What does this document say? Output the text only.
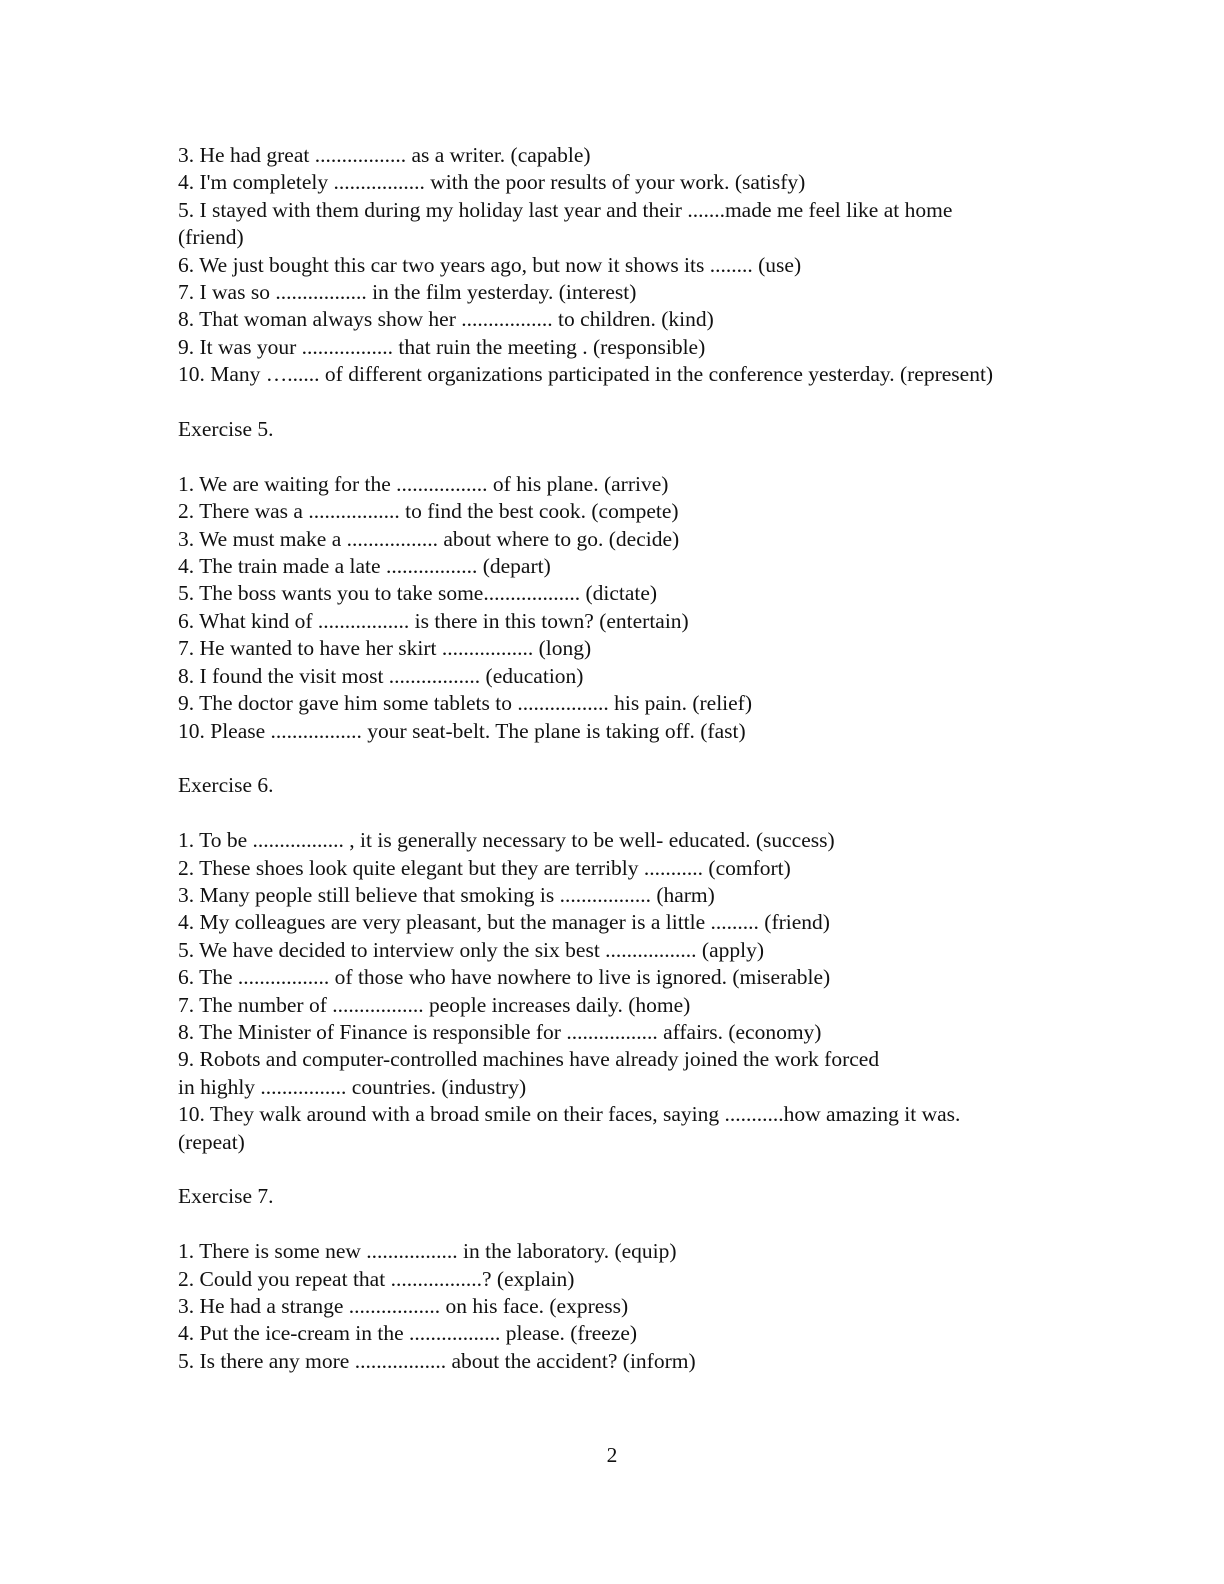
3. He had great ................. as a writer. (capable)

4. I'm completely ................. with the poor results of your work. (satisfy)

5. I stayed with them during my holiday last year and their .......made me feel like at home (friend)

6. We just bought this car two years ago, but now it shows its ........ (use)

7. I was so ................. in the film yesterday. (interest)

8. That woman always show her ................. to children. (kind)

9. It was your ................. that ruin the meeting . (responsible)

10. Many …...... of different organizations participated in the conference yesterday. (represent)

Exercise 5.

1. We are waiting for the ................. of his plane. (arrive)

2. There was a ................. to find the best cook. (compete)

3. We must make a ................. about where to go. (decide)

4. The train made a late ................. (depart)

5. The boss wants you to take some.................. (dictate)

6. What kind of ................. is there in this town? (entertain)

7. He wanted to have her skirt ................. (long)

8. I found the visit most ................. (education)

9. The doctor gave him some tablets to ................. his pain. (relief)

10. Please ................. your seat-belt. The plane is taking off. (fast)

Exercise 6.

1. To be ................. , it is generally necessary to be well- educated. (success)

2. These shoes look quite elegant but they are terribly ........... (comfort)

3. Many people still believe that smoking is ................. (harm)

4. My colleagues are very pleasant, but the manager is a little ......... (friend)

5. We have decided to interview only the six best ................. (apply)

6. The ................. of those who have nowhere to live is ignored. (miserable)

7. The number of ................. people increases daily. (home)

8. The Minister of Finance is responsible for ................. affairs. (economy)

9. Robots and computer-controlled machines have already joined the work forced in highly ................ countries. (industry)

10. They walk around with a broad smile on their faces, saying ...........how amazing it was. (repeat)

Exercise 7.

1. There is some new ................. in the laboratory. (equip)

2. Could you repeat that .................? (explain)

3. He had a strange ................. on his face. (express)

4. Put the ice-cream in the ................. please. (freeze)

5. Is there any more ................. about the accident? (inform)

2
